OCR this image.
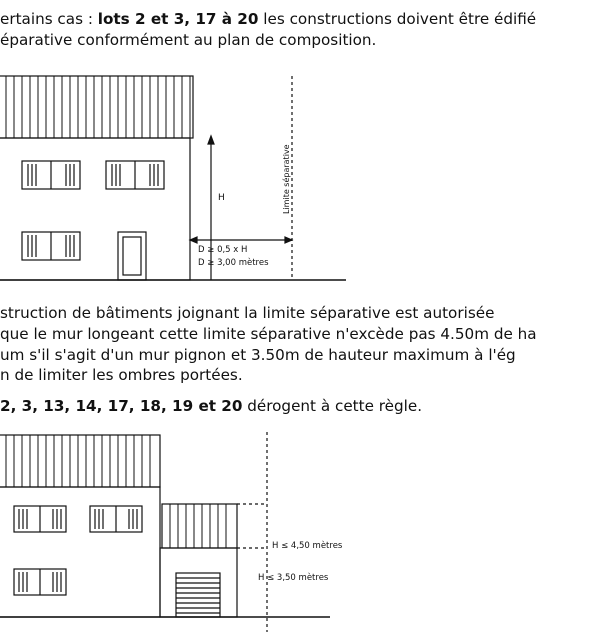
ertains cas : lots 2 et 3, 17 à 20 les constructions doivent être édifié
éparative conformément au plan de composition.
H
D ≥ 0,5 x H
D ≥ 3,00 mètres
Limite séparative
struction de bâtiments joignant la limite séparative est autorisée
que le mur longeant cette limite séparative n'excède pas 4.50m de ha
um s'il s'agit d'un mur pignon et 3.50m de hauteur maximum à l'ég
n de limiter les ombres portées.
2, 3, 13, 14, 17, 18, 19 et 20 dérogent à cette règle.
H ≤ 4,50 mètres
H ≤ 3,50 mètres
